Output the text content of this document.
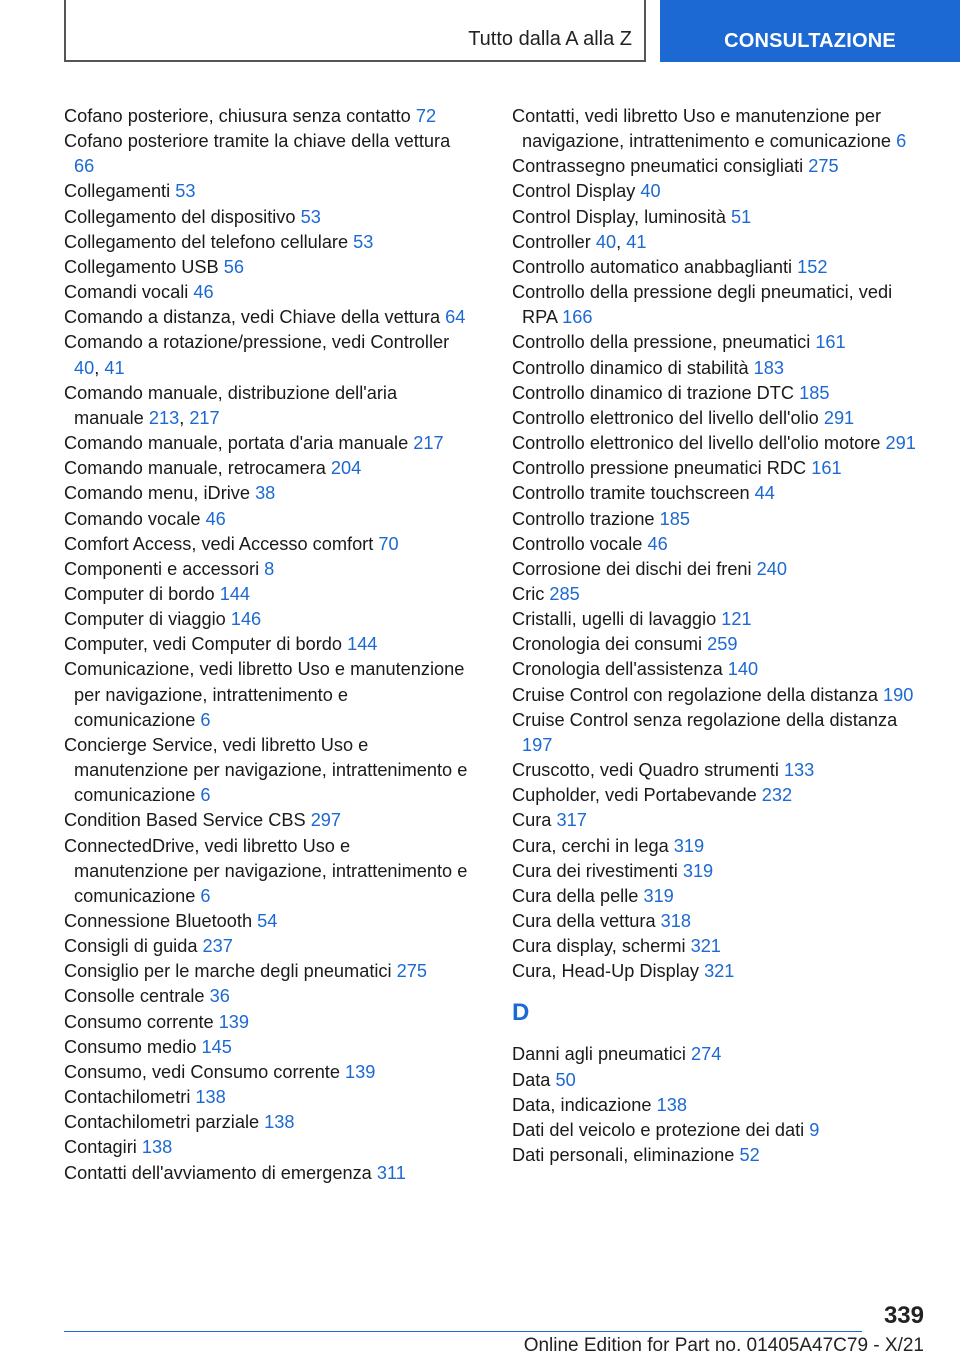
Tutto dalla A alla Z	CONSULTAZIONE
Cofano posteriore, chiusura senza contatto 72
Cofano posteriore tramite la chiave della vettura 66
Collegamenti 53
Collegamento del dispositivo 53
Collegamento del telefono cellulare 53
Collegamento USB 56
Comandi vocali 46
Comando a distanza, vedi Chiave della vettura 64
Comando a rotazione/pressione, vedi Controller 40, 41
Comando manuale, distribuzione dell'aria manuale 213, 217
Comando manuale, portata d'aria manuale 217
Comando manuale, retrocamera 204
Comando menu, iDrive 38
Comando vocale 46
Comfort Access, vedi Accesso comfort 70
Componenti e accessori 8
Computer di bordo 144
Computer di viaggio 146
Computer, vedi Computer di bordo 144
Comunicazione, vedi libretto Uso e manutenzione per navigazione, intrattenimento e comunicazione 6
Concierge Service, vedi libretto Uso e manutenzione per navigazione, intrattenimento e comunicazione 6
Condition Based Service CBS 297
ConnectedDrive, vedi libretto Uso e manutenzione per navigazione, intrattenimento e comunicazione 6
Connessione Bluetooth 54
Consigli di guida 237
Consiglio per le marche degli pneumatici 275
Consolle centrale 36
Consumo corrente 139
Consumo medio 145
Consumo, vedi Consumo corrente 139
Contachilometri 138
Contachilometri parziale 138
Contagiri 138
Contatti dell'avviamento di emergenza 311
Contatti, vedi libretto Uso e manutenzione per navigazione, intrattenimento e comunicazione 6
Contrassegno pneumatici consigliati 275
Control Display 40
Control Display, luminosità 51
Controller 40, 41
Controllo automatico anabbaglianti 152
Controllo della pressione degli pneumatici, vedi RPA 166
Controllo della pressione, pneumatici 161
Controllo dinamico di stabilità 183
Controllo dinamico di trazione DTC 185
Controllo elettronico del livello dell'olio 291
Controllo elettronico del livello dell'olio motore 291
Controllo pressione pneumatici RDC 161
Controllo tramite touchscreen 44
Controllo trazione 185
Controllo vocale 46
Corrosione dei dischi dei freni 240
Cric 285
Cristalli, ugelli di lavaggio 121
Cronologia dei consumi 259
Cronologia dell'assistenza 140
Cruise Control con regolazione della distanza 190
Cruise Control senza regolazione della distanza 197
Cruscotto, vedi Quadro strumenti 133
Cupholder, vedi Portabevande 232
Cura 317
Cura, cerchi in lega 319
Cura dei rivestimenti 319
Cura della pelle 319
Cura della vettura 318
Cura display, schermi 321
Cura, Head-Up Display 321
D
Danni agli pneumatici 274
Data 50
Data, indicazione 138
Dati del veicolo e protezione dei dati 9
Dati personali, eliminazione 52
339
Online Edition for Part no. 01405A47C79 - X/21
